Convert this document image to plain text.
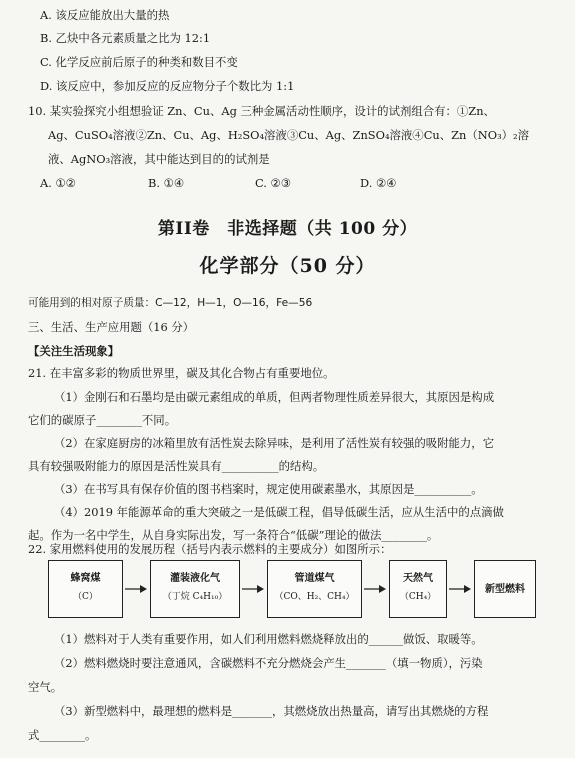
A. 该反应能放出大量的热
B. 乙炔中各元素质量之比为 12:1
C. 化学反应前后原子的种类和数目不变
D. 该反应中，参加反应的反应物分子个数比为 1:1
10. 某实验探究小组想验证 Zn、Cu、Ag 三种金属活动性顺序，设计的试剂组合有：①Zn、
Ag、CuSO₄溶液②Zn、Cu、Ag、H₂SO₄溶液③Cu、Ag、ZnSO₄溶液④Cu、Zn（NO₃）₂溶
液、AgNO₃溶液，其中能达到目的的试剂是
A. ①②	B. ①④	C. ②③	D. ②④
第II卷　非选择题（共 100 分）
化学部分（50 分）
可能用到的相对原子质量：C—12，H—1，O—16，Fe—56
三、生活、生产应用题（16 分）
【关注生活现象】
21. 在丰富多彩的物质世界里，碳及其化合物占有重要地位。
（1）金刚石和石墨均是由碳元素组成的单质，但两者物理性质差异很大，其原因是构成
它们的碳原子________不同。
（2）在家庭厨房的冰箱里放有活性炭去除异味，是利用了活性炭有较强的吸附能力，它
具有较强吸附能力的原因是活性炭具有__________的结构。
（3）在书写具有保存价值的图书档案时，规定使用碳素墨水，其原因是__________。
（4）2019 年能源革命的重大突破之一是低碳工程，倡导低碳生活，应从生活中的点滴做
起。作为一名中学生，从自身实际出发，写一条符合“低碳”理论的做法________。
22. 家用燃料使用的发展历程（括号内表示燃料的主要成分）如图所示：
蜂窝煤
（C）
灌装液化气
（丁烷 C₄H₁₀）
管道煤气
（CO、H₂、CH₄）
天然气
（CH₄）
新型燃料
（1）燃料对于人类有重要作用，如人们利用燃料燃烧释放出的______做饭、取暖等。
（2）燃料燃烧时要注意通风，含碳燃料不充分燃烧会产生_______（填一物质），污染
空气。
（3）新型燃料中，最理想的燃料是_______，其燃烧放出热量高，请写出其燃烧的方程
式________。
